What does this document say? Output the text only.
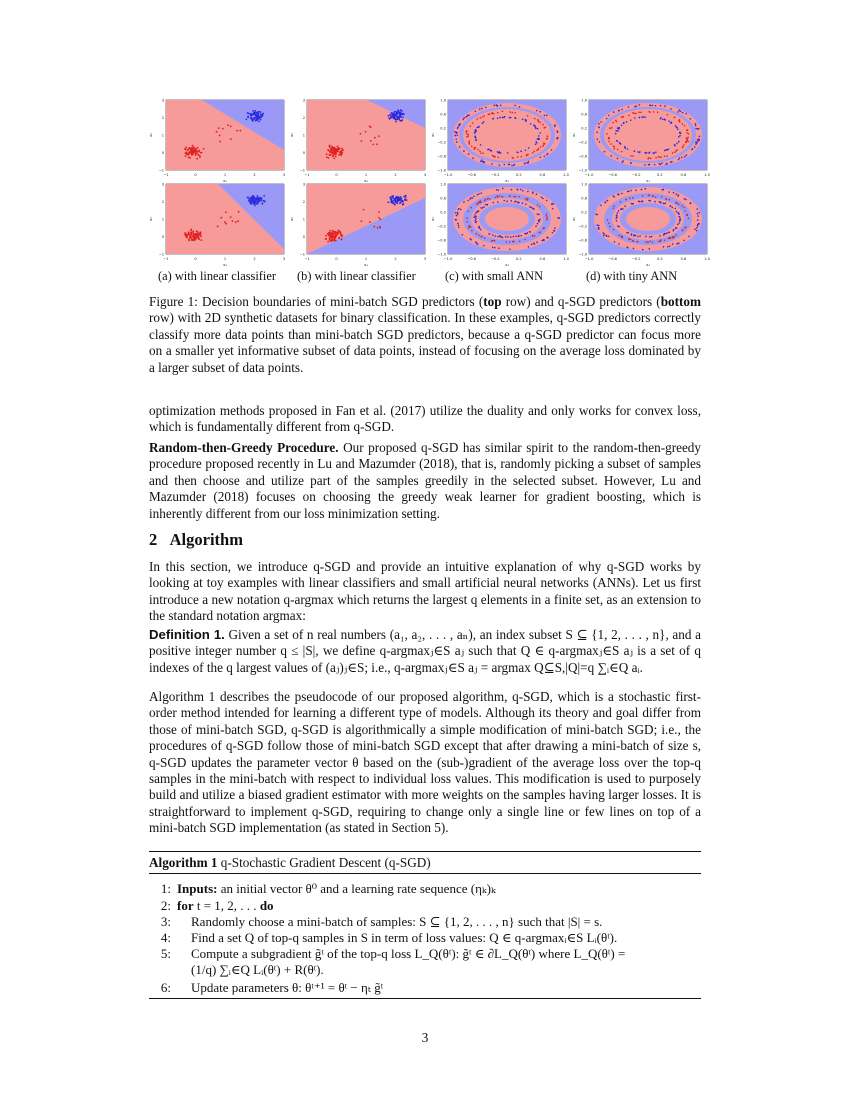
−1	0	1	2	3
3
2
1
0
−1
x₁
x₂
−1	0	1	2	3
3
2
1
0
−1
x₁
x₂
−1.0	−0.6	−0.2	0.2	0.6	1.0
1.0
0.6
0.2
−0.2
−0.6
−1.0
x₁
x₂
−1.0	−0.6	−0.2	0.2	0.6	1.0
1.0
0.6
0.2
−0.2
−0.6
−1.0
x₁
x₂
−1	0	1	2	3
3
2
1
0
−1
x₁
x₂
−1	0	1	2	3
3
2
1
0
−1
x₁
x₂
−1.0	−0.6	−0.2	0.2	0.6	1.0
1.0
0.6
0.2
−0.2
−0.6
−1.0
x₁
x₂
−1.0	−0.6	−0.2	0.2	0.6	1.0
1.0
0.6
0.2
−0.2
−0.6
−1.0
x₁
x₂
(a) with linear classifier (b) with linear classifier (c) with small ANN	(d) with tiny ANN

Figure 1: Decision boundaries of mini-batch SGD predictors (top row) and q-SGD predictors (bottom row) with 2D synthetic datasets for binary classification. In these examples, q-SGD predictors correctly classify more data points than mini-batch SGD predictors, because a q-SGD predictor can focus more on a smaller yet informative subset of data points, instead of focusing on the average loss dominated by a larger subset of data points.

optimization methods proposed in Fan et al. (2017) utilize the duality and only works for convex loss, which is fundamentally different from q-SGD.

Random-then-Greedy Procedure. Our proposed q-SGD has similar spirit to the random-then-greedy procedure proposed recently in Lu and Mazumder (2018), that is, randomly picking a subset of samples and then choose and utilize part of the samples greedily in the selected subset. However, Lu and Mazumder (2018) focuses on choosing the greedy weak learner for gradient boosting, which is inherently different from our loss minimization setting.

2 Algorithm

In this section, we introduce q-SGD and provide an intuitive explanation of why q-SGD works by looking at toy examples with linear classifiers and small artificial neural networks (ANNs). Let us first introduce a new notation q-argmax which returns the largest q elements in a finite set, as an extension to the standard notation argmax:

Definition 1. Given a set of n real numbers (a₁, a₂, . . . , aₙ), an index subset S ⊆ {1, 2, . . . , n}, and a positive integer number q ≤ |S|, we define q-argmaxⱼ∈S aⱼ such that Q ∈ q-argmaxⱼ∈S aⱼ is a set of q indexes of the q largest values of (aⱼ)ⱼ∈S; i.e., q-argmaxⱼ∈S aⱼ = argmax Q⊆S,|Q|=q ∑ᵢ∈Q aᵢ.

Algorithm 1 describes the pseudocode of our proposed algorithm, q-SGD, which is a stochastic first-order method intended for learning a different type of models. Although its theory and goal differ from those of mini-batch SGD, q-SGD is algorithmically a simple modification of mini-batch SGD; i.e., the procedures of q-SGD follow those of mini-batch SGD except that after drawing a mini-batch of size s, q-SGD updates the parameter vector θ based on the (sub-)gradient of the average loss over the top-q samples in the mini-batch with respect to individual loss values. This modification is used to purposely build and utilize a biased gradient estimator with more weights on the samples having larger losses. It is straightforward to implement q-SGD, requiring to change only a single line or few lines on top of a mini-batch SGD implementation (as stated in Section 5).

Algorithm 1 q-Stochastic Gradient Descent (q-SGD)
1: Inputs: an initial vector θ⁰ and a learning rate sequence (ηₖ)ₖ
2: for t = 1, 2, . . . do
3: Randomly choose a mini-batch of samples: S ⊆ {1, 2, . . . , n} such that |S| = s.
4: Find a set Q of top-q samples in S in term of loss values: Q ∈ q-argmaxᵢ∈S Lᵢ(θᵗ).
5: Compute a subgradient g̃ᵗ of the top-q loss L_Q(θᵗ): g̃ᵗ ∈ ∂L_Q(θᵗ) where L_Q(θᵗ) =
(1/q) ∑ᵢ∈Q Lᵢ(θᵗ) + R(θᵗ).
6: Update parameters θ: θᵗ⁺¹ = θᵗ − ηₜ g̃ᵗ
3
